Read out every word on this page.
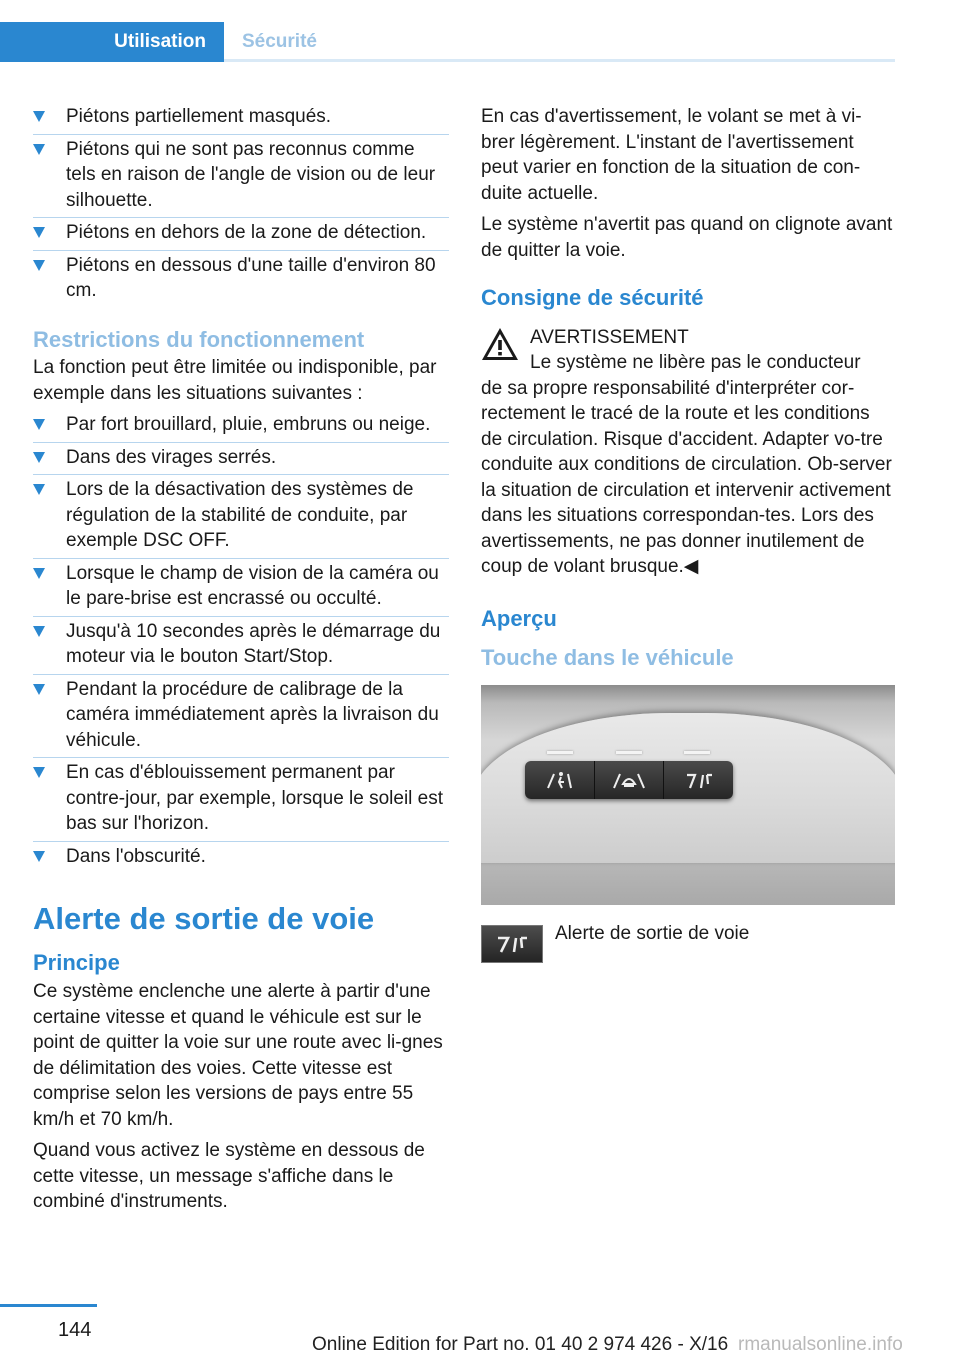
Utilisation	Sécurité
Piétons partiellement masqués.
Piétons qui ne sont pas reconnus comme tels en raison de l'angle de vision ou de leur silhouette.
Piétons en dehors de la zone de détection.
Piétons en dessous d'une taille d'environ 80 cm.
Restrictions du fonctionnement

La fonction peut être limitée ou indisponible, par exemple dans les situations suivantes :

Par fort brouillard, pluie, embruns ou neige.
Dans des virages serrés.
Lors de la désactivation des systèmes de régulation de la stabilité de conduite, par exemple DSC OFF.
Lorsque le champ de vision de la caméra ou le pare-brise est encrassé ou occulté.
Jusqu'à 10 secondes après le démarrage du moteur via le bouton Start/Stop.
Pendant la procédure de calibrage de la caméra immédiatement après la livraison du véhicule.
En cas d'éblouissement permanent par contre-jour, par exemple, lorsque le soleil est bas sur l'horizon.
Dans l'obscurité.
Alerte de sortie de voie
Principe

Ce système enclenche une alerte à partir d'une certaine vitesse et quand le véhicule est sur le point de quitter la voie sur une route avec li-gnes de délimitation des voies. Cette vitesse est comprise selon les versions de pays entre 55 km/h et 70 km/h.

Quand vous activez le système en dessous de cette vitesse, un message s'affiche dans le combiné d'instruments.

En cas d'avertissement, le volant se met à vi-brer légèrement. L'instant de l'avertissement peut varier en fonction de la situation de con-duite actuelle.

Le système n'avertit pas quand on clignote avant de quitter la voie.

Consigne de sécurité
AVERTISSEMENT
Le système ne libère pas le conducteur
de sa propre responsabilité d'interpréter cor-rectement le tracé de la route et les conditions de circulation. Risque d'accident. Adapter vo-tre conduite aux conditions de circulation. Ob-server la situation de circulation et intervenir activement dans les situations correspondan-tes. Lors des avertissements, ne pas donner inutilement de coup de volant brusque.◀
Aperçu
Touche dans le véhicule
Alerte de sortie de voie
144
Online Edition for Part no. 01 40 2 974 426 - X/16 rmanualsonline.info
